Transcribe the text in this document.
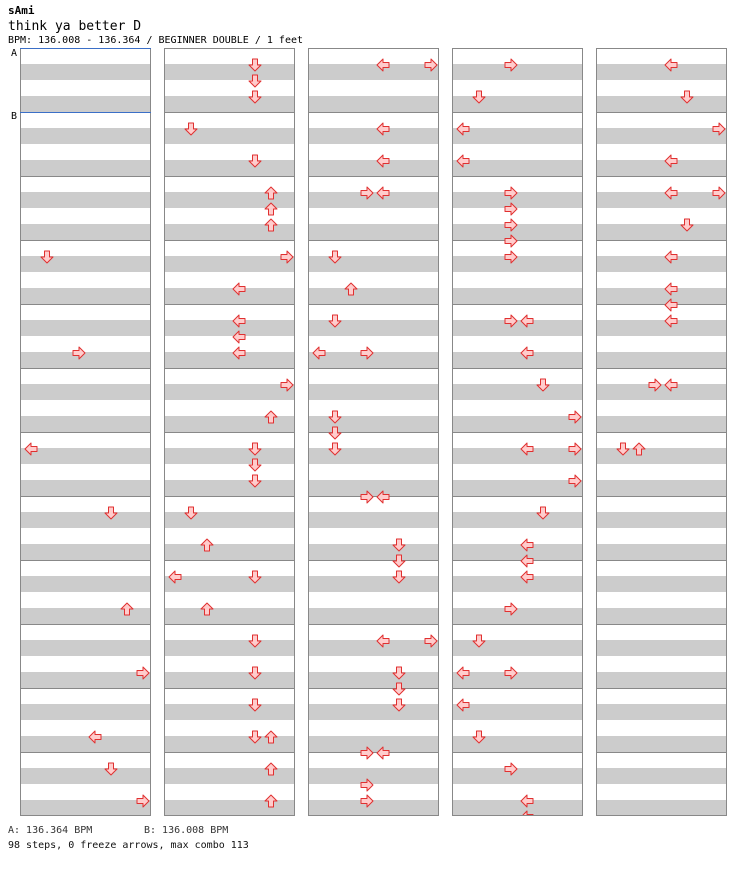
sAmi
think ya better D
BPM: 136.008 - 136.364 / BEGINNER DOUBLE / 1 feet
A
B
A: 136.364 BPM	B: 136.008 BPM
98 steps, 0 freeze arrows, max combo 113
